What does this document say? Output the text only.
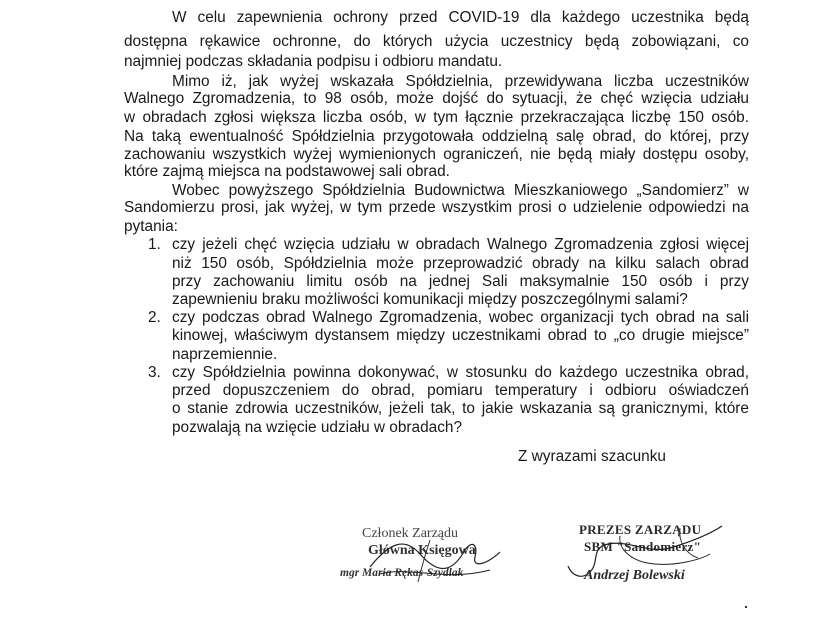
W celu zapewnienia ochrony przed COVID-19 dla każdego uczestnika będą
dostępna rękawice ochronne, do których użycia uczestnicy będą zobowiązani, co
najmniej podczas składania podpisu i odbioru mandatu.
Mimo iż, jak wyżej wskazała Spółdzielnia, przewidywana liczba uczestników
Walnego Zgromadzenia, to 98 osób, może dojść do sytuacji, że chęć wzięcia udziału
w obradach zgłosi większa liczba osób, w tym łącznie przekraczająca liczbę 150 osób.
Na taką ewentualność Spółdzielnia przygotowała oddzielną salę obrad, do której, przy
zachowaniu wszystkich wyżej wymienionych ograniczeń, nie będą miały dostępu osoby,
które zajmą miejsca na podstawowej sali obrad.
Wobec powyższego Spółdzielnia Budownictwa Mieszkaniowego „Sandomierz” w
Sandomierzu prosi, jak wyżej, w tym przede wszystkim prosi o udzielenie odpowiedzi na
pytania:
1. czy jeżeli chęć wzięcia udziału w obradach Walnego Zgromadzenia zgłosi więcej
niż 150 osób, Spółdzielnia może przeprowadzić obrady na kilku salach obrad
przy zachowaniu limitu osób na jednej Sali maksymalnie 150 osób i przy
zapewnieniu braku możliwości komunikacji między poszczególnymi salami?
2. czy podczas obrad Walnego Zgromadzenia, wobec organizacji tych obrad na sali
kinowej, właściwym dystansem między uczestnikami obrad to „co drugie miejsce”
naprzemiennie.
3. czy Spółdzielnia powinna dokonywać, w stosunku do każdego uczestnika obrad,
przed dopuszczeniem do obrad, pomiaru temperatury i odbioru oświadczeń
o stanie zdrowia uczestników, jeżeli tak, to jakie wskazania są granicznymi, które
pozwalają na wzięcie udziału w obradach?
Z wyrazami szacunku
Członek Zarządu
Główna Księgowa
mgr Maria Rękas-Szydlak
PREZES ZARZĄDU
SBM "Sandomierz"
Andrzej Bolewski
